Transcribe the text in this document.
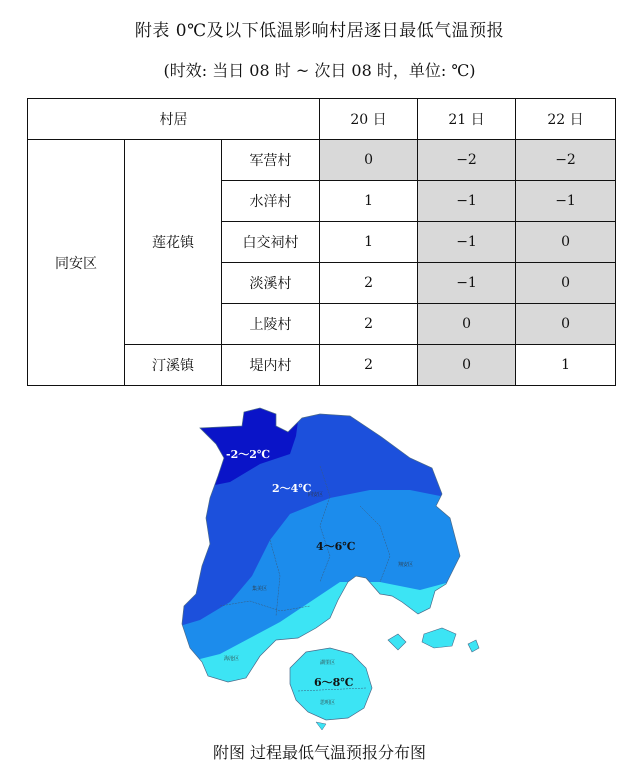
附表 0℃及以下低温影响村居逐日最低气温预报
(时效: 当日 08 时 ~ 次日 08 时，单位: ℃)
村居			20 日	21 日	22 日
同安区	莲花镇	军营村	0	−2	−2
		水洋村	1	−1	−1
		白交祠村	1	−1	0
		淡溪村	2	−1	0
		上陵村	2	0	0
	汀溪镇	堤内村	2	0	1
-2～2℃
2～4℃
4～6℃
6～8℃
同安区
翔安区
集美区
海沧区
湖里区
思明区
附图 过程最低气温预报分布图
